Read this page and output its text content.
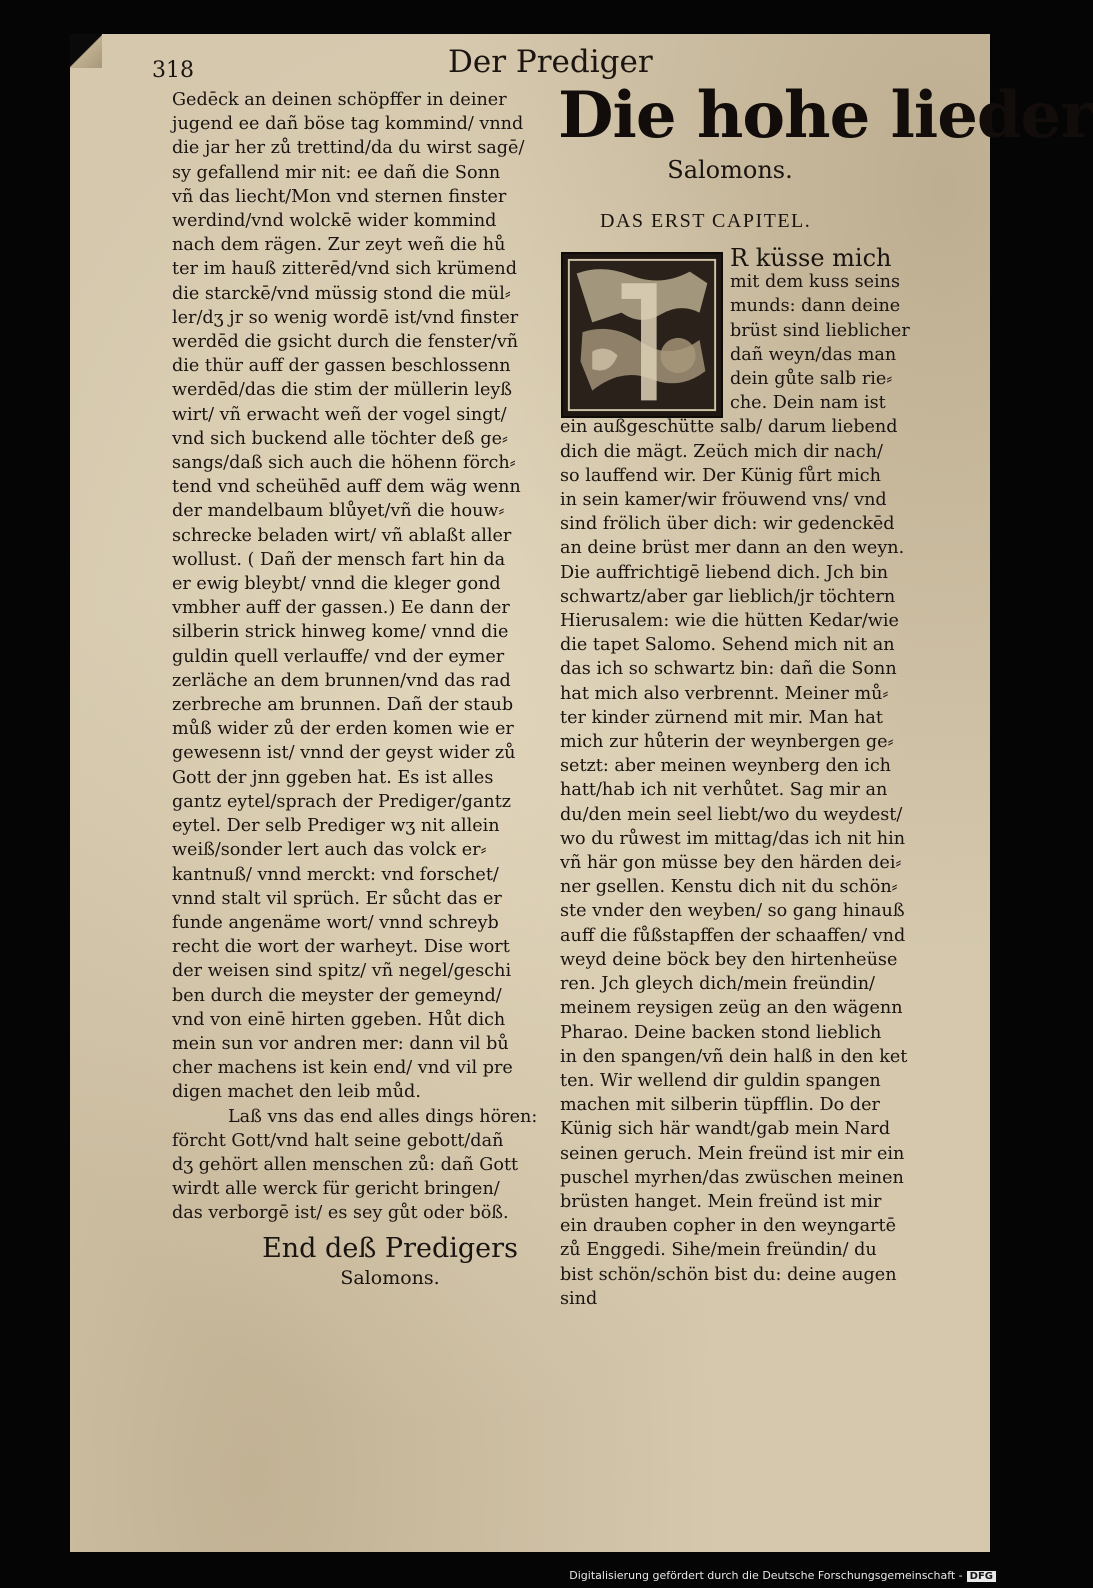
318	Der Prediger
Gedēck an deinen schöpffer in deiner
jugend ee dañ böse tag kommind/ vnnd
die jar her zů trettind/da du wirst sagē/
sy gefallend mir nit: ee dañ die Sonn
vñ das liecht/Mon vnd sternen finster
werdind/vnd wolckē wider kommind
nach dem rägen. Zur zeyt weñ die hů
ter im hauß zitterēd/vnd sich krümend
die starckē/vnd müssig stond die mül⸗
ler/dʒ jr so wenig wordē ist/vnd finster
werdēd die gsicht durch die fenster/vñ
die thür auff der gassen beschlossenn
werdēd/das die stim der müllerin leyß
wirt/ vñ erwacht weñ der vogel singt/
vnd sich buckend alle töchter deß ge⸗
sangs/daß sich auch die höhenn förch⸗
tend vnd scheühēd auff dem wäg wenn
der mandelbaum blůyet/vñ die houw⸗
schrecke beladen wirt/ vñ ablaßt aller
wollust. ( Dañ der mensch fart hin da
er ewig bleybt/ vnnd die kleger gond
vmbher auff der gassen.) Ee dann der
silberin strick hinweg kome/ vnnd die
guldin quell verlauffe/ vnd der eymer
zerläche an dem brunnen/vnd das rad
zerbreche am brunnen. Dañ der staub
můß wider zů der erden komen wie er
gewesenn ist/ vnnd der geyst wider zů
Gott der jnn ggeben hat. Es ist alles
gantz eytel/sprach der Prediger/gantz
eytel. Der selb Prediger wʒ nit allein
weiß/sonder lert auch das volck er⸗
kantnuß/ vnnd merckt: vnd forschet/
vnnd stalt vil sprüch. Er sůcht das er
funde angenäme wort/ vnnd schreyb
recht die wort der warheyt. Dise wort
der weisen sind spitz/ vñ negel/geschi
ben durch die meyster der gemeynd/
vnd von einē hirten ggeben. Hůt dich
mein sun vor andren mer: dann vil bů
cher machens ist kein end/ vnd vil pre
digen machet den leib můd.
Laß vns das end alles dings hören:
förcht Gott/vnd halt seine gebott/dañ
dʒ gehört allen menschen zů: dañ Gott
wirdt alle werck für gericht bringen/
das verborgē ist/ es sey gůt oder böß.
End deß Predigers
Salomons.
Die hohe lieder
Salomons.
DAS ERST CAPITEL.
R küsse mich
mit dem kuss seins
munds: dann deine
brüst sind lieblicher
dañ weyn/das man
dein gůte salb rie⸗
che. Dein nam ist
ein außgeschütte salb/ darum liebend
dich die mägt. Zeüch mich dir nach/
so lauffend wir. Der Künig fůrt mich
in sein kamer/wir fröuwend vns/ vnd
sind frölich über dich: wir gedenckēd
an deine brüst mer dann an den weyn.
Die auffrichtigē liebend dich. Jch bin
schwartz/aber gar lieblich/jr töchtern
Hierusalem: wie die hütten Kedar/wie
die tapet Salomo. Sehend mich nit an
das ich so schwartz bin: dañ die Sonn
hat mich also verbrennt. Meiner mů⸗
ter kinder zürnend mit mir. Man hat
mich zur hůterin der weynbergen ge⸗
setzt: aber meinen weynberg den ich
hatt/hab ich nit verhůtet. Sag mir an
du/den mein seel liebt/wo du weydest/
wo du růwest im mittag/das ich nit hin
vñ här gon müsse bey den härden dei⸗
ner gsellen. Kenstu dich nit du schön⸗
ste vnder den weyben/ so gang hinauß
auff die fůßstapffen der schaaffen/ vnd
weyd deine böck bey den hirtenheüse
ren. Jch gleych dich/mein freündin/
meinem reysigen zeüg an den wägenn
Pharao. Deine backen stond lieblich
in den spangen/vñ dein halß in den ket
ten. Wir wellend dir guldin spangen
machen mit silberin tüpfflin. Do der
Künig sich här wandt/gab mein Nard
seinen geruch. Mein freünd ist mir ein
puschel myrhen/das zwüschen meinen
brüsten hanget. Mein freünd ist mir
ein drauben copher in den weyngartē
zů Enggedi. Sihe/mein freündin/ du
bist schön/schön bist du: deine augen
sind
Digitalisierung gefördert durch die Deutsche Forschungsgemeinschaft - DFG
